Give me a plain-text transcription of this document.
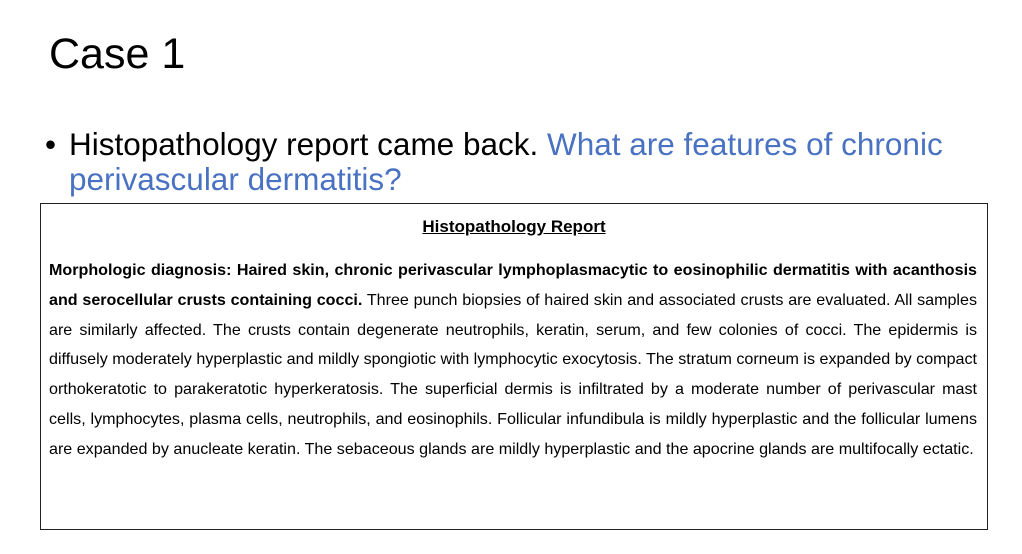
Case 1
• Histopathology report came back. What are features of chronic perivascular dermatitis?
Histopathology Report

Morphologic diagnosis: Haired skin, chronic perivascular lymphoplasmacytic to eosinophilic dermatitis with acanthosis and serocellular crusts containing cocci. Three punch biopsies of haired skin and associated crusts are evaluated. All samples are similarly affected. The crusts contain degenerate neutrophils, keratin, serum, and few colonies of cocci. The epidermis is diffusely moderately hyperplastic and mildly spongiotic with lymphocytic exocytosis. The stratum corneum is expanded by compact orthokeratotic to parakeratotic hyperkeratosis. The superficial dermis is infiltrated by a moderate number of perivascular mast cells, lymphocytes, plasma cells, neutrophils, and eosinophils. Follicular infundibula is mildly hyperplastic and the follicular lumens are expanded by anucleate keratin. The sebaceous glands are mildly hyperplastic and the apocrine glands are multifocally ectatic.
